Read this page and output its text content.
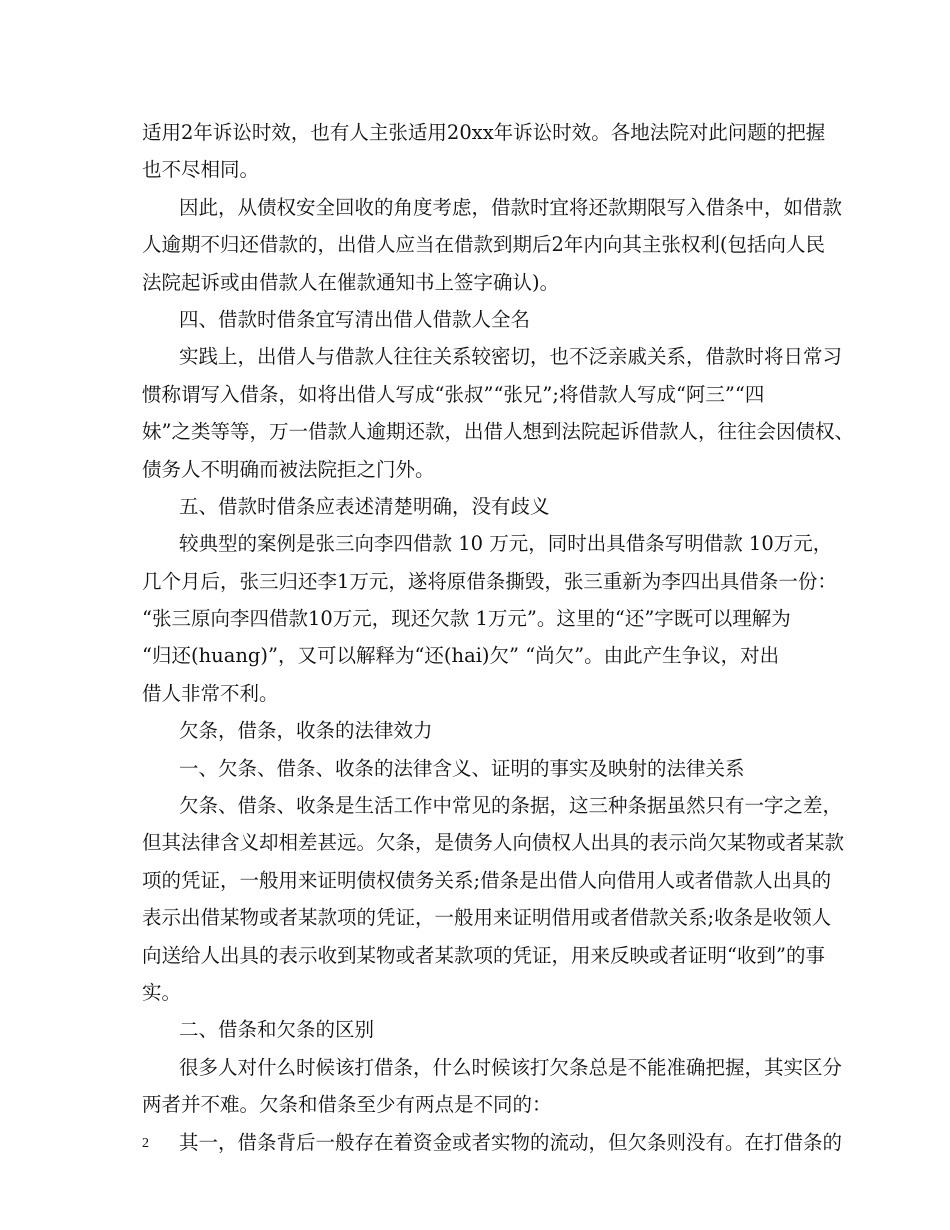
适用2年诉讼时效，也有人主张适用20xx年诉讼时效。各地法院对此问题的把握
也不尽相同。
因此，从债权安全回收的角度考虑，借款时宜将还款期限写入借条中，如借款
人逾期不归还借款的，出借人应当在借款到期后2年内向其主张权利(包括向人民
法院起诉或由借款人在催款通知书上签字确认)。
四、借款时借条宜写清出借人借款人全名
实践上，出借人与借款人往往关系较密切，也不泛亲戚关系，借款时将日常习
惯称谓写入借条，如将出借人写成“张叔”“张兄”;将借款人写成“阿三”“四
妹”之类等等，万一借款人逾期还款，出借人想到法院起诉借款人，往往会因债权、
债务人不明确而被法院拒之门外。
五、借款时借条应表述清楚明确，没有歧义
较典型的案例是张三向李四借款 10 万元，同时出具借条写明借款 10万元，
几个月后，张三归还李1万元，遂将原借条撕毁，张三重新为李四出具借条一份：
“张三原向李四借款10万元，现还欠款 1万元”。这里的“还”字既可以理解为
“归还(huang)”，又可以解释为“还(hai)欠” “尚欠”。由此产生争议，对出
借人非常不利。
欠条，借条，收条的法律效力
一、欠条、借条、收条的法律含义、证明的事实及映射的法律关系
欠条、借条、收条是生活工作中常见的条据，这三种条据虽然只有一字之差，
但其法律含义却相差甚远。欠条，是债务人向债权人出具的表示尚欠某物或者某款
项的凭证，一般用来证明债权债务关系;借条是出借人向借用人或者借款人出具的
表示出借某物或者某款项的凭证，一般用来证明借用或者借款关系;收条是收领人
向送给人出具的表示收到某物或者某款项的凭证，用来反映或者证明“收到”的事
实。
二、借条和欠条的区别
很多人对什么时候该打借条，什么时候该打欠条总是不能准确把握，其实区分
两者并不难。欠条和借条至少有两点是不同的：
其一，借条背后一般存在着资金或者实物的流动，但欠条则没有。在打借条的
2
